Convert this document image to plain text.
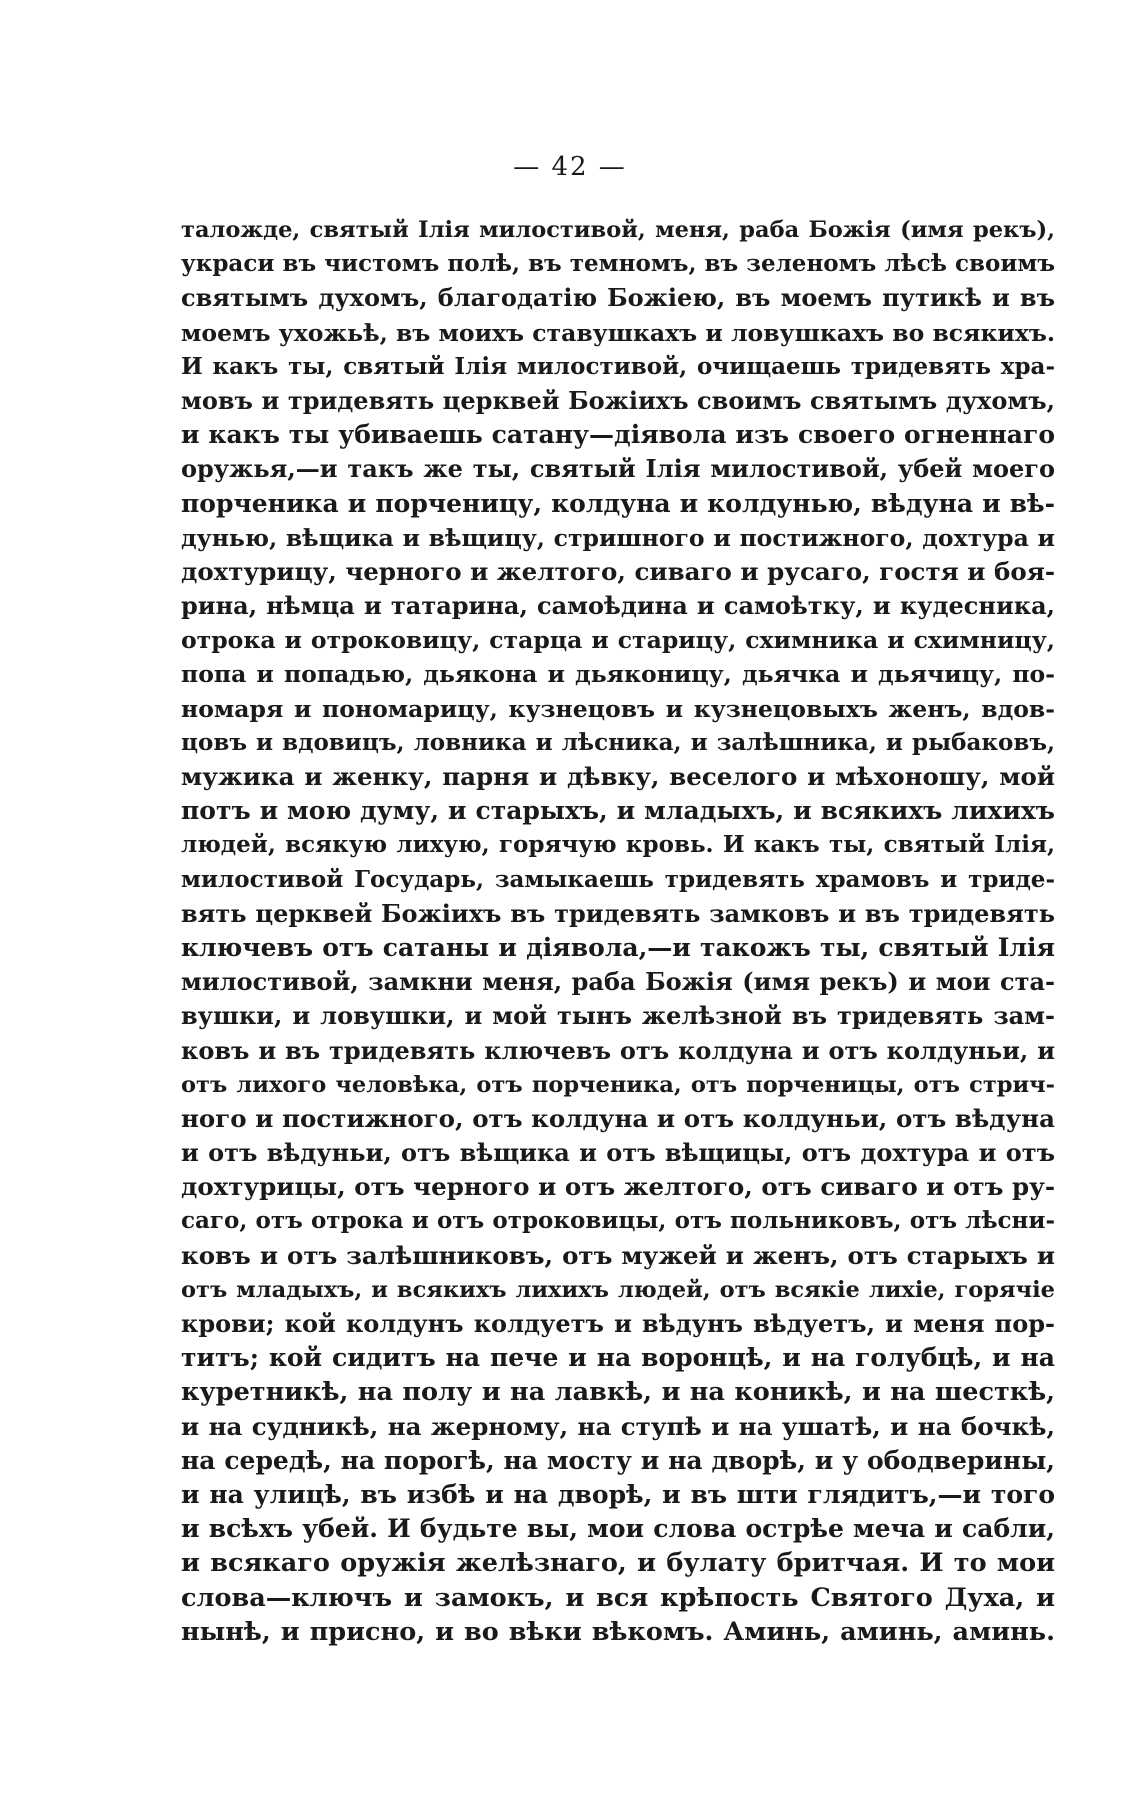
— 42 —

таложде, святый Ілія милостивой, меня, раба Божія (имя рекъ),
украси въ чистомъ полѣ, въ темномъ, въ зеленомъ лѣсѣ своимъ
святымъ духомъ, благодатію Божіею, въ моемъ путикѣ и въ
моемъ ухожьѣ, въ моихъ ставушкахъ и ловушкахъ во всякихъ.
И какъ ты, святый Ілія милостивой, очищаешь тридевять хра-
мовъ и тридевять церквей Божіихъ своимъ святымъ духомъ,
и какъ ты убиваешь сатану—діявола изъ своего огненнаго
оружья,—и такъ же ты, святый Ілія милостивой, убей моего
порченика и порченицу, колдуна и колдунью, вѣдуна и вѣ-
дунью, вѣщика и вѣщицу, стришного и постижного, дохтура и
дохтурицу, черного и желтого, сиваго и русаго, гостя и боя-
рина, нѣмца и татарина, самоѣдина и самоѣтку, и кудесника,
отрока и отроковицу, старца и старицу, схимника и схимницу,
попа и попадью, дьякона и дьяконицу, дьячка и дьячицу, по-
номаря и пономарицу, кузнецовъ и кузнецовыхъ женъ, вдов-
цовъ и вдовицъ, ловника и лѣсника, и залѣшника, и рыбаковъ,
мужика и женку, парня и дѣвку, веселого и мѣхоношу, мой
потъ и мою думу, и старыхъ, и младыхъ, и всякихъ лихихъ
людей, всякую лихую, горячую кровь. И какъ ты, святый Ілія,
милостивой Государь, замыкаешь тридевять храмовъ и триде-
вять церквей Божіихъ въ тридевять замковъ и въ тридевять
ключевъ отъ сатаны и діявола,—и такожъ ты, святый Ілія
милостивой, замкни меня, раба Божія (имя рекъ) и мои ста-
вушки, и ловушки, и мой тынъ желѣзной въ тридевять зам-
ковъ и въ тридевять ключевъ отъ колдуна и отъ колдуньи, и
отъ лихого человѣка, отъ порченика, отъ порченицы, отъ стрич-
ного и постижного, отъ колдуна и отъ колдуньи, отъ вѣдуна
и отъ вѣдуньи, отъ вѣщика и отъ вѣщицы, отъ дохтура и отъ
дохтурицы, отъ черного и отъ желтого, отъ сиваго и отъ ру-
саго, отъ отрока и отъ отроковицы, отъ польниковъ, отъ лѣсни-
ковъ и отъ залѣшниковъ, отъ мужей и женъ, отъ старыхъ и
отъ младыхъ, и всякихъ лихихъ людей, отъ всякіе лихіе, горячіе
крови; кой колдунъ колдуетъ и вѣдунъ вѣдуетъ, и меня пор-
титъ; кой сидитъ на пече и на воронцѣ, и на голубцѣ, и на
куретникѣ, на полу и на лавкѣ, и на коникѣ, и на шесткѣ,
и на судникѣ, на жерному, на ступѣ и на ушатѣ, и на бочкѣ,
на середѣ, на порогѣ, на мосту и на дворѣ, и у ободверины,
и на улицѣ, въ избѣ и на дворѣ, и въ шти глядитъ,—и того
и всѣхъ убей. И будьте вы, мои слова острѣе меча и сабли,
и всякаго оружія желѣзнаго, и булату бритчая. И то мои
слова—ключъ и замокъ, и вся крѣпость Святого Духа, и
нынѣ, и присно, и во вѣки вѣкомъ. Аминь, аминь, аминь.
